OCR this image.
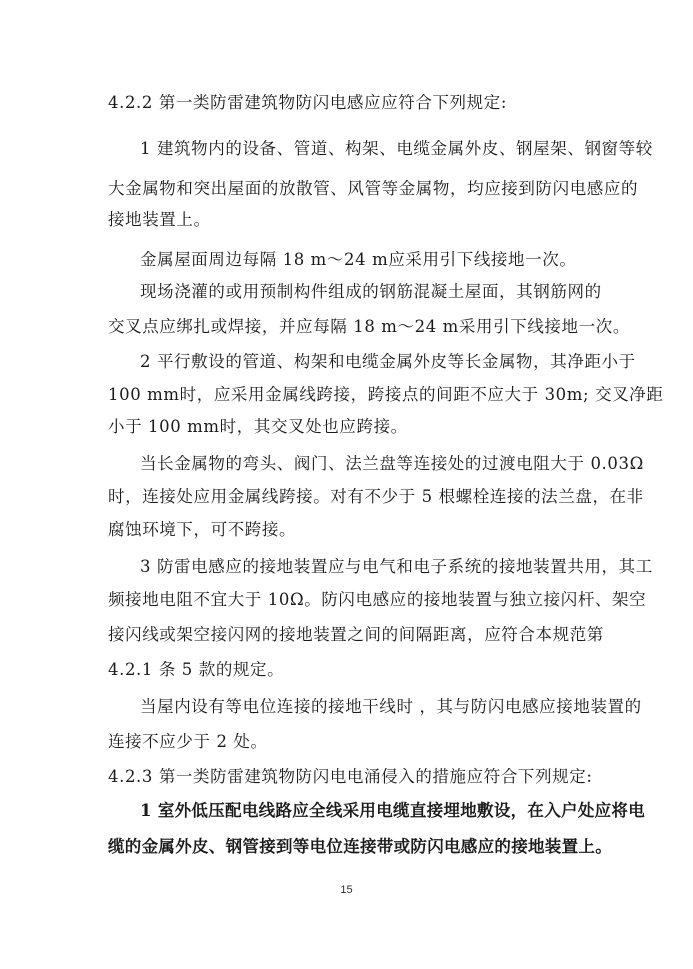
4.2.2 第一类防雷建筑物防闪电感应应符合下列规定:
1 建筑物内的设备、管道、构架、电缆金属外皮、钢屋架、钢窗等较
大金属物和突出屋面的放散管、风管等金属物，均应接到防闪电感应的
接地装置上。
金属屋面周边每隔 18 m～24 m应采用引下线接地一次。
现场浇灌的或用预制构件组成的钢筋混凝土屋面，其钢筋网的
交叉点应绑扎或焊接，并应每隔 18 m～24 m采用引下线接地一次。
2 平行敷设的管道、构架和电缆金属外皮等长金属物，其净距小于
100 mm时，应采用金属线跨接，跨接点的间距不应大于 30m; 交叉净距
小于 100 mm时，其交叉处也应跨接。
当长金属物的弯头、阀门、法兰盘等连接处的过渡电阻大于 0.03Ω
时，连接处应用金属线跨接。对有不少于 5 根螺栓连接的法兰盘，在非
腐蚀环境下，可不跨接。
3 防雷电感应的接地装置应与电气和电子系统的接地装置共用，其工
频接地电阻不宜大于 10Ω。防闪电感应的接地装置与独立接闪杆、架空
接闪线或架空接闪网的接地装置之间的间隔距离，应符合本规范第
4.2.1 条 5 款的规定。
当屋内设有等电位连接的接地干线时 ，其与防闪电感应接地装置的
连接不应少于 2 处。
4.2.3 第一类防雷建筑物防闪电电涌侵入的措施应符合下列规定:
1 室外低压配电线路应全线采用电缆直接埋地敷设，在入户处应将电
缆的金属外皮、钢管接到等电位连接带或防闪电感应的接地装置上。
15
